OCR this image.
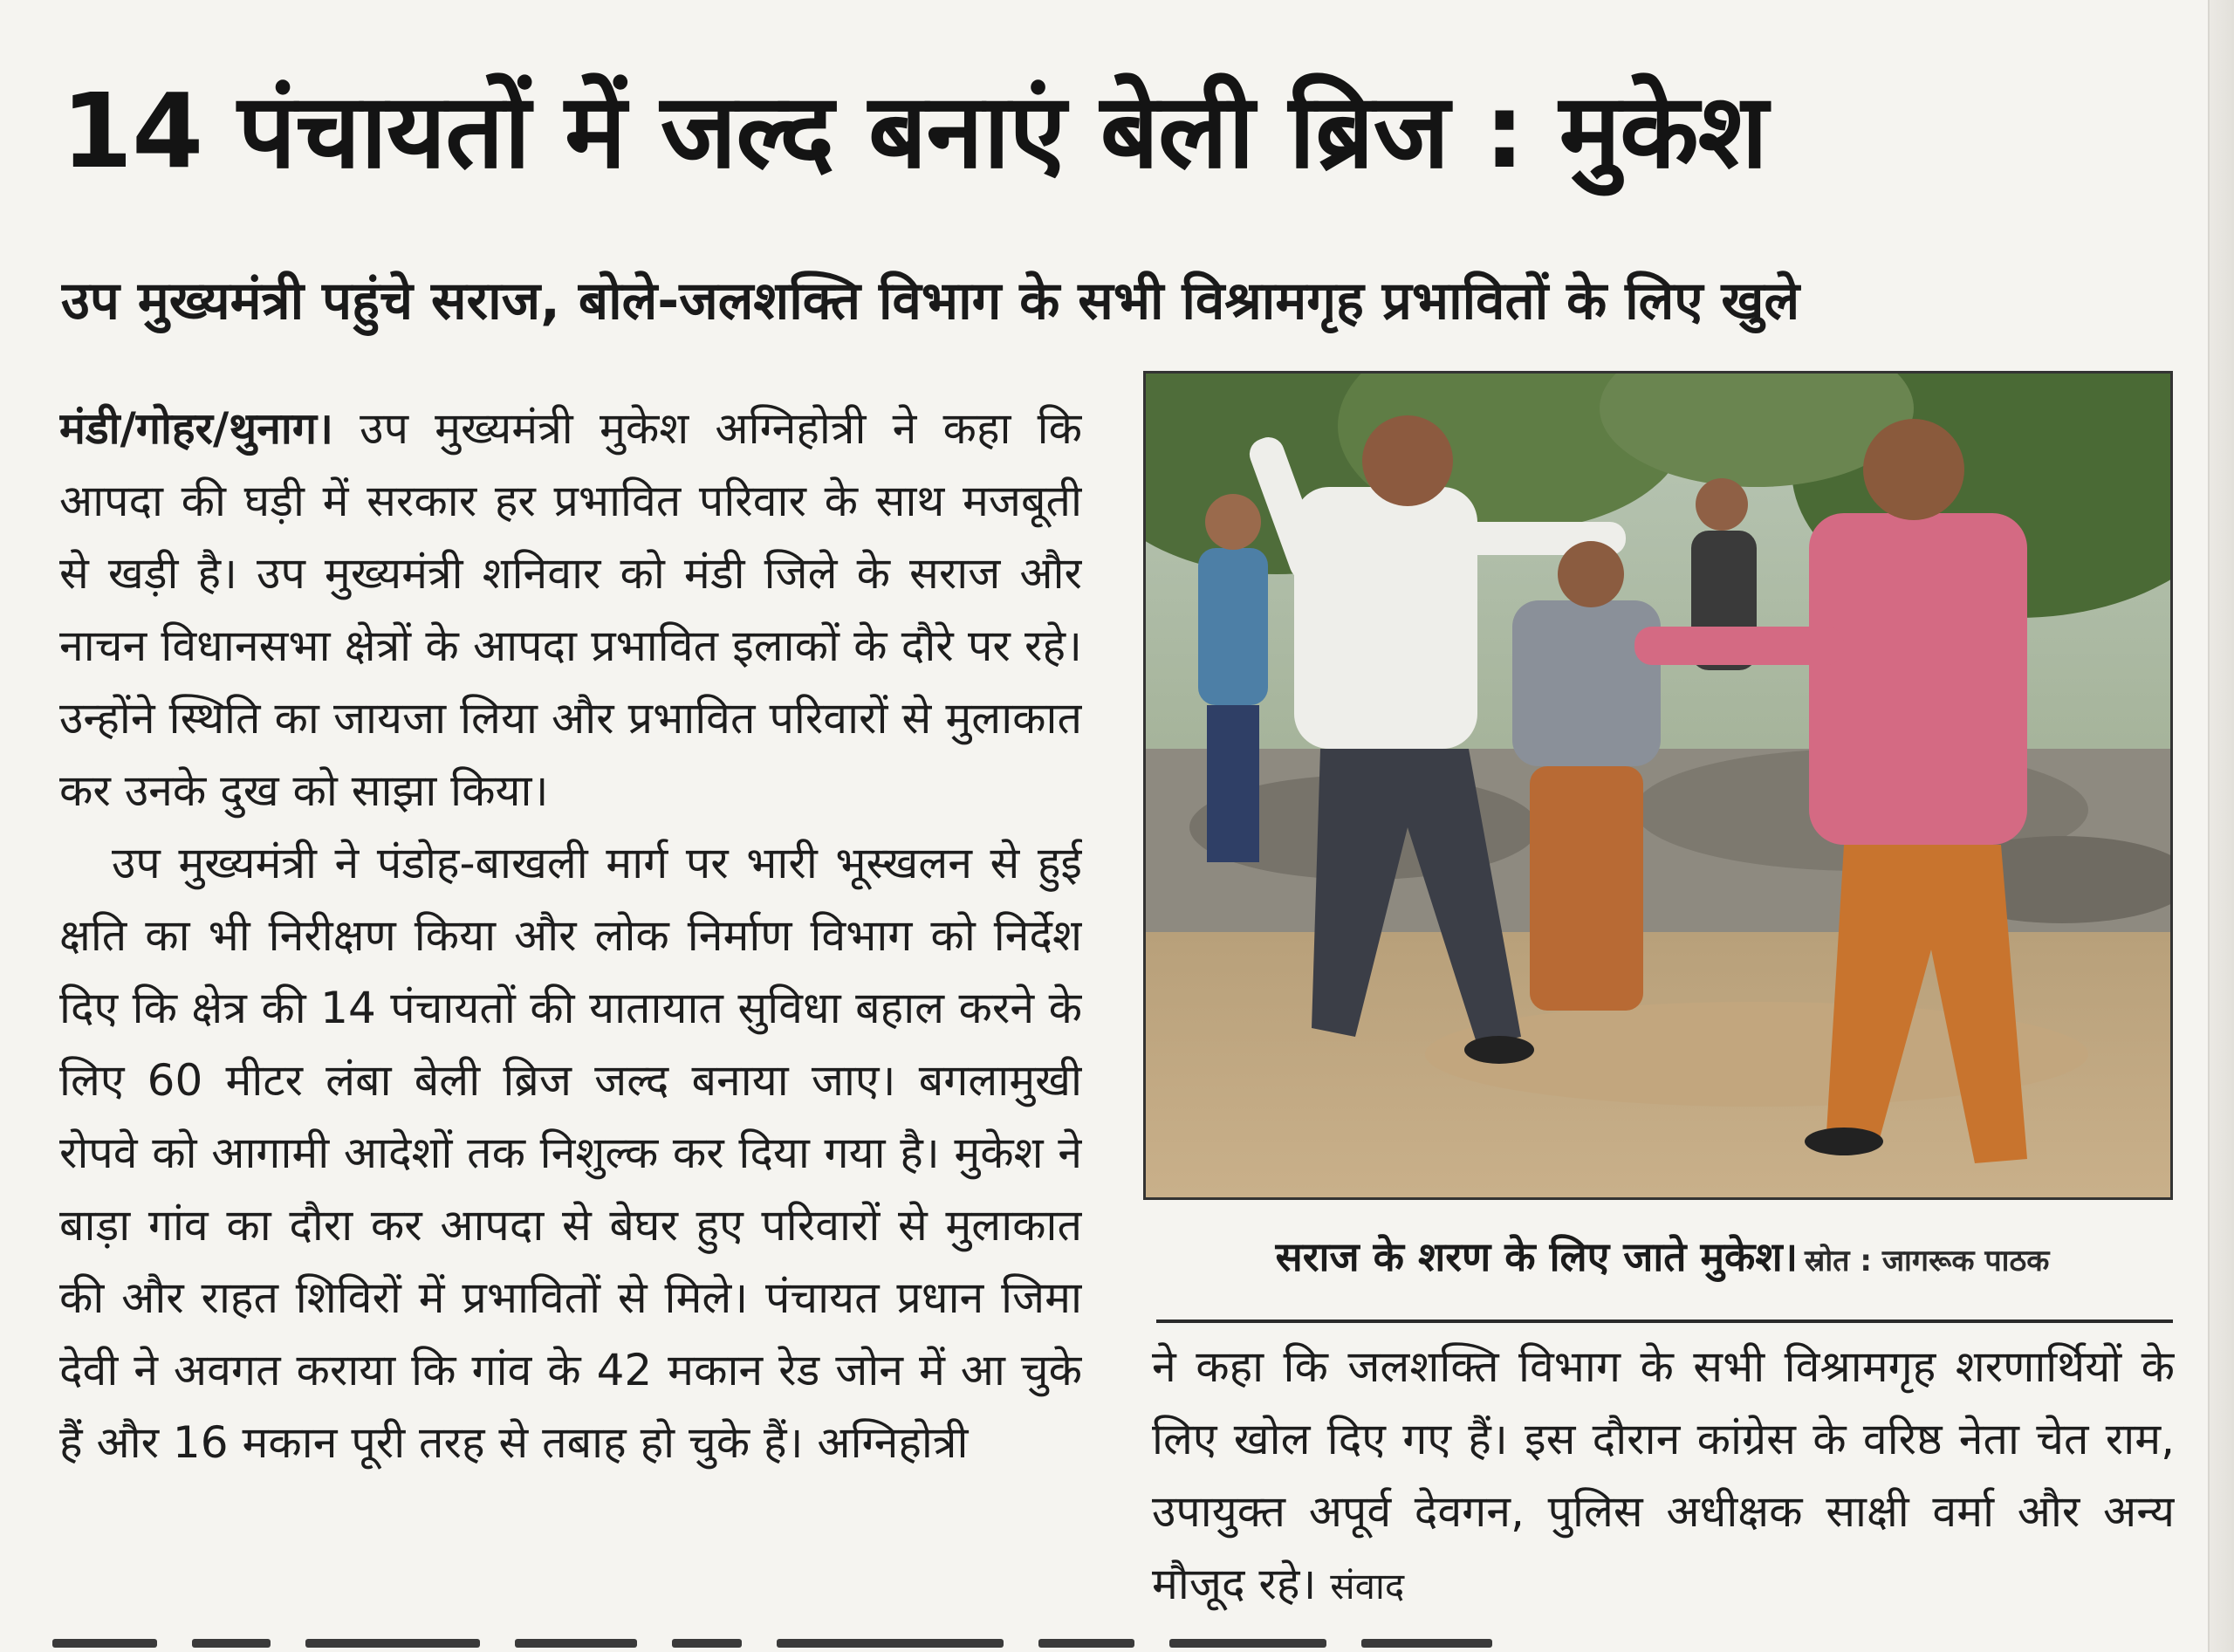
14 पंचायतों में जल्द बनाएं बेली ब्रिज : मुकेश
उप मुख्यमंत्री पहुंचे सराज, बोले-जलशक्ति विभाग के सभी विश्रामगृह प्रभावितों के लिए खुले

मंडी/गोहर/थुनाग। उप मुख्यमंत्री मुकेश अग्निहोत्री ने कहा कि आपदा की घड़ी में सरकार हर प्रभावित परिवार के साथ मजबूती से खड़ी है। उप मुख्यमंत्री शनिवार को मंडी जिले के सराज और नाचन विधानसभा क्षेत्रों के आपदा प्रभावित इलाकों के दौरे पर रहे। उन्होंने स्थिति का जायजा लिया और प्रभावित परिवारों से मुलाकात कर उनके दुख को साझा किया।

उप मुख्यमंत्री ने पंडोह-बाखली मार्ग पर भारी भूस्खलन से हुई क्षति का भी निरीक्षण किया और लोक निर्माण विभाग को निर्देश दिए कि क्षेत्र की 14 पंचायतों की यातायात सुविधा बहाल करने के लिए 60 मीटर लंबा बेली ब्रिज जल्द बनाया जाए। बगलामुखी रोपवे को आगामी आदेशों तक निशुल्क कर दिया गया है। मुकेश ने बाड़ा गांव का दौरा कर आपदा से बेघर हुए परिवारों से मुलाकात की और राहत शिविरों में प्रभावितों से मिले। पंचायत प्रधान जिमा देवी ने अवगत कराया कि गांव के 42 मकान रेड जोन में आ चुके हैं और 16 मकान पूरी तरह से तबाह हो चुके हैं। अग्निहोत्री

सराज के शरण के लिए जाते मुकेश। स्रोत : जागरूक पाठक

ने कहा कि जलशक्ति विभाग के सभी विश्रामगृह शरणार्थियों के लिए खोल दिए गए हैं। इस दौरान कांग्रेस के वरिष्ठ नेता चेत राम, उपायुक्त अपूर्व देवगन, पुलिस अधीक्षक साक्षी वर्मा और अन्य मौजूद रहे। संवाद
